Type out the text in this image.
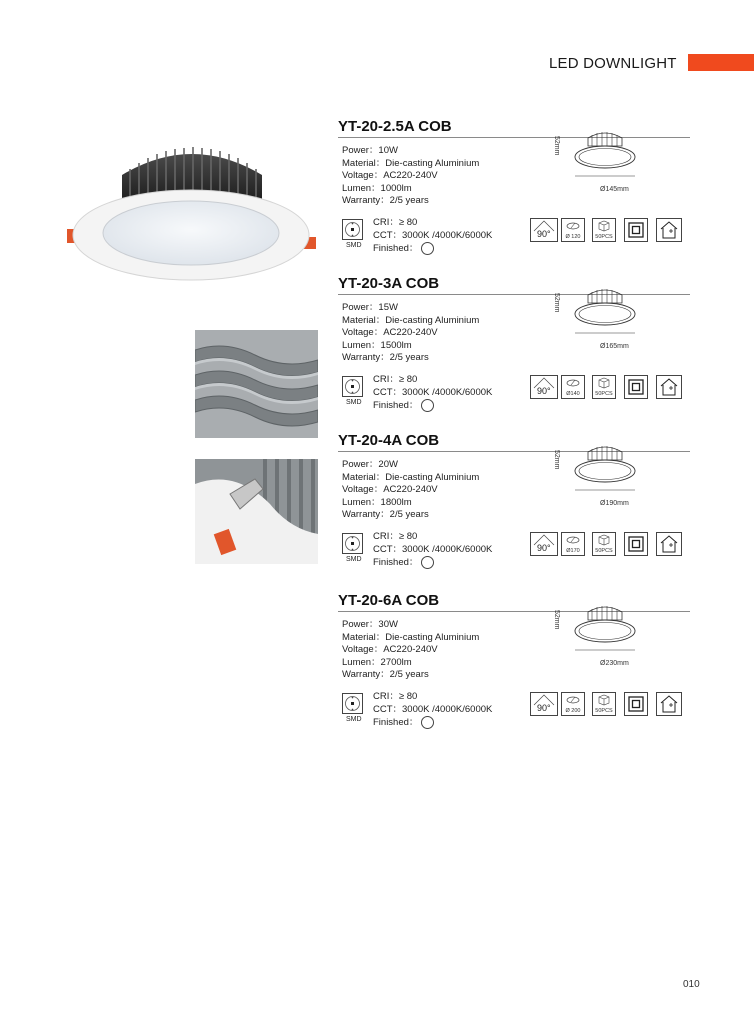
LED DOWNLIGHT
YT-20-2.5A COB
Power：10W
Material：Die-casting Aluminium
Voltage：AC220-240V
Lumen：1000lm
Warranty：2/5 years
SMD
CRI：≥ 80
CCT：3000K /4000K/6000K
Finished：
52mm
Ø145mm
90°	Ø 120	50PCS
YT-20-3A COB
Power：15W
Material：Die-casting Aluminium
Voltage：AC220-240V
Lumen：1500lm
Warranty：2/5 years
SMD
CRI：≥ 80
CCT：3000K /4000K/6000K
Finished：
52mm
Ø165mm
90°	Ø140	50PCS
YT-20-4A COB
Power：20W
Material：Die-casting Aluminium
Voltage：AC220-240V
Lumen：1800lm
Warranty：2/5 years
SMD
CRI：≥ 80
CCT：3000K /4000K/6000K
Finished：
52mm
Ø190mm
90°	Ø170	50PCS
YT-20-6A COB
Power：30W
Material：Die-casting Aluminium
Voltage：AC220-240V
Lumen：2700lm
Warranty：2/5 years
SMD
CRI：≥ 80
CCT：3000K /4000K/6000K
Finished：
52mm
Ø230mm
90°	Ø 200	50PCS
010
